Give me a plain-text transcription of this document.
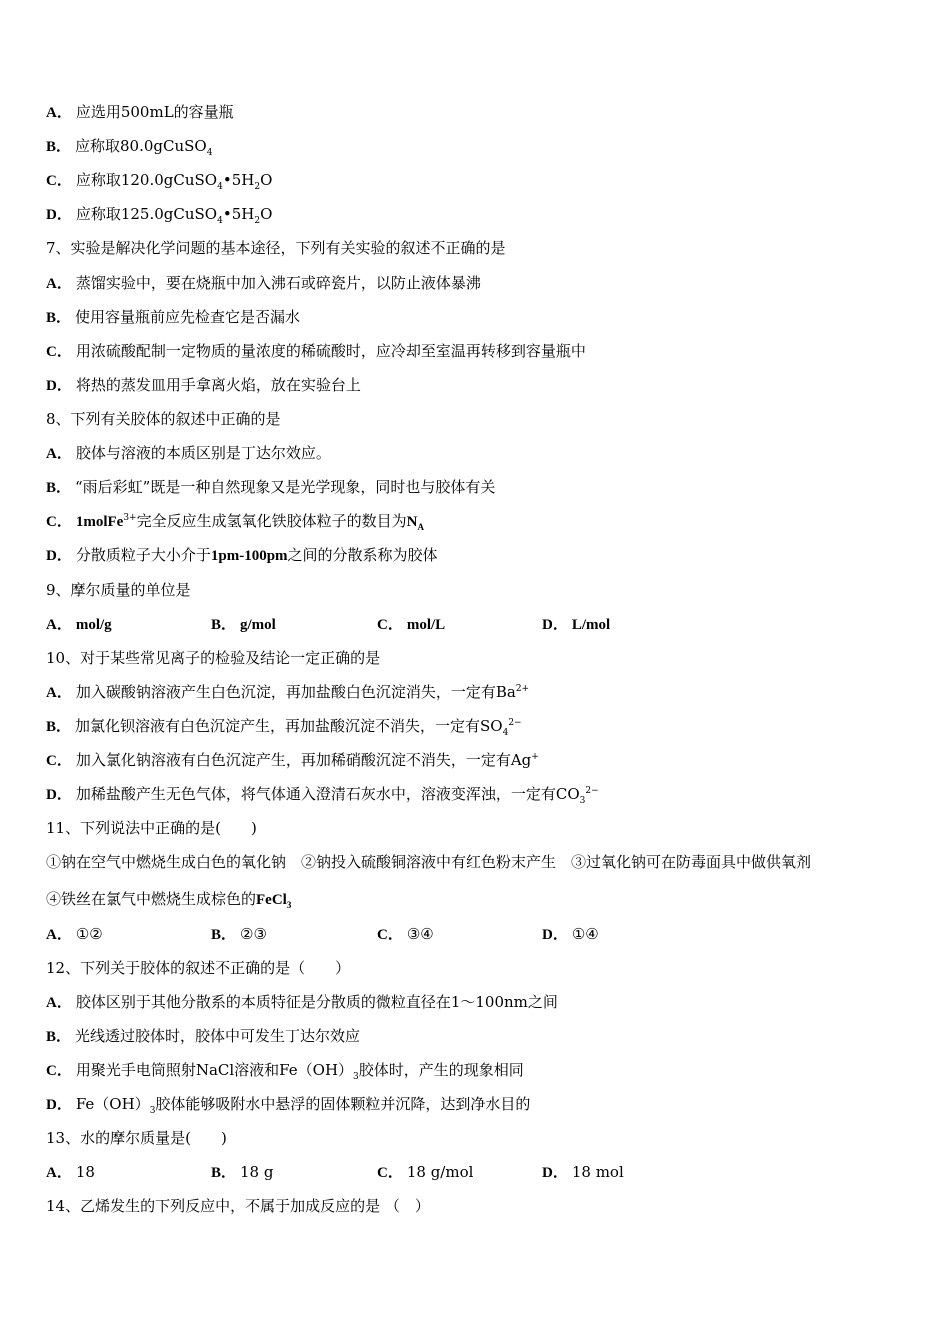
A． 应选用500mL的容量瓶
B． 应称取80.0gCuSO$_4$
C． 应称取$120.0gCuSO_4•5H_2O$
D． 应称取$125.0gCuSO_4•5H_2O$
7、实验是解决化学问题的基本途径，下列有关实验的叙述不正确的是
A． 蒸馏实验中，要在烧瓶中加入沸石或碎瓷片，以防止液体暴沸
B． 使用容量瓶前应先检查它是否漏水
C． 用浓硫酸配制一定物质的量浓度的稀硫酸时，应冷却至室温再转移到容量瓶中
D． 将热的蒸发皿用手拿离火焰，放在实验台上
8、下列有关胶体的叙述中正确的是
A． 胶体与溶液的本质区别是丁达尔效应。
B． “雨后彩虹”既是一种自然现象又是光学现象，同时也与胶体有关
C． 1molFe$^{3+}$完全反应生成氢氧化铁胶体粒子的数目为$N_A$
D． 分散质粒子大小介于1pm-100pm之间的分散系称为胶体
9、摩尔质量的单位是
A． mol/g	B． g/mol	C． mol/L	D． L/mol
10、对于某些常见离子的检验及结论一定正确的是
A． 加入碳酸钠溶液产生白色沉淀，再加盐酸白色沉淀消失，一定有$Ba^{2+}$
B． 加氯化钡溶液有白色沉淀产生，再加盐酸沉淀不消失，一定有$SO_4^{2-}$
C． 加入氯化钠溶液有白色沉淀产生，再加稀硝酸沉淀不消失，一定有Ag+
D． 加稀盐酸产生无色气体，将气体通入澄清石灰水中，溶液变浑浊，一定有$CO_3^{2-}$
11、下列说法中正确的是(　　)
①钠在空气中燃烧生成白色的氧化钠　②钠投入硫酸铜溶液中有红色粉末产生　③过氧化钠可在防毒面具中做供氧剂
④铁丝在氯气中燃烧生成棕色的FeCl$_3$
A． ①②	B． ②③	C． ③④	D． ①④
12、下列关于胶体的叙述不正确的是（　　）
A． 胶体区别于其他分散系的本质特征是分散质的微粒直径在1～100nm之间
B． 光线透过胶体时，胶体中可发生丁达尔效应
C． 用聚光手电筒照射NaCl溶液和$Fe(OH)_3$胶体时，产生的现象相同
D． $Fe(OH)_3$胶体能够吸附水中悬浮的固体颗粒并沉降，达到净水目的
13、水的摩尔质量是(　　)
A． 18	B． 18 g	C． 18 g/mol	D． 18 mol
14、乙烯发生的下列反应中，不属于加成反应的是 （　）
